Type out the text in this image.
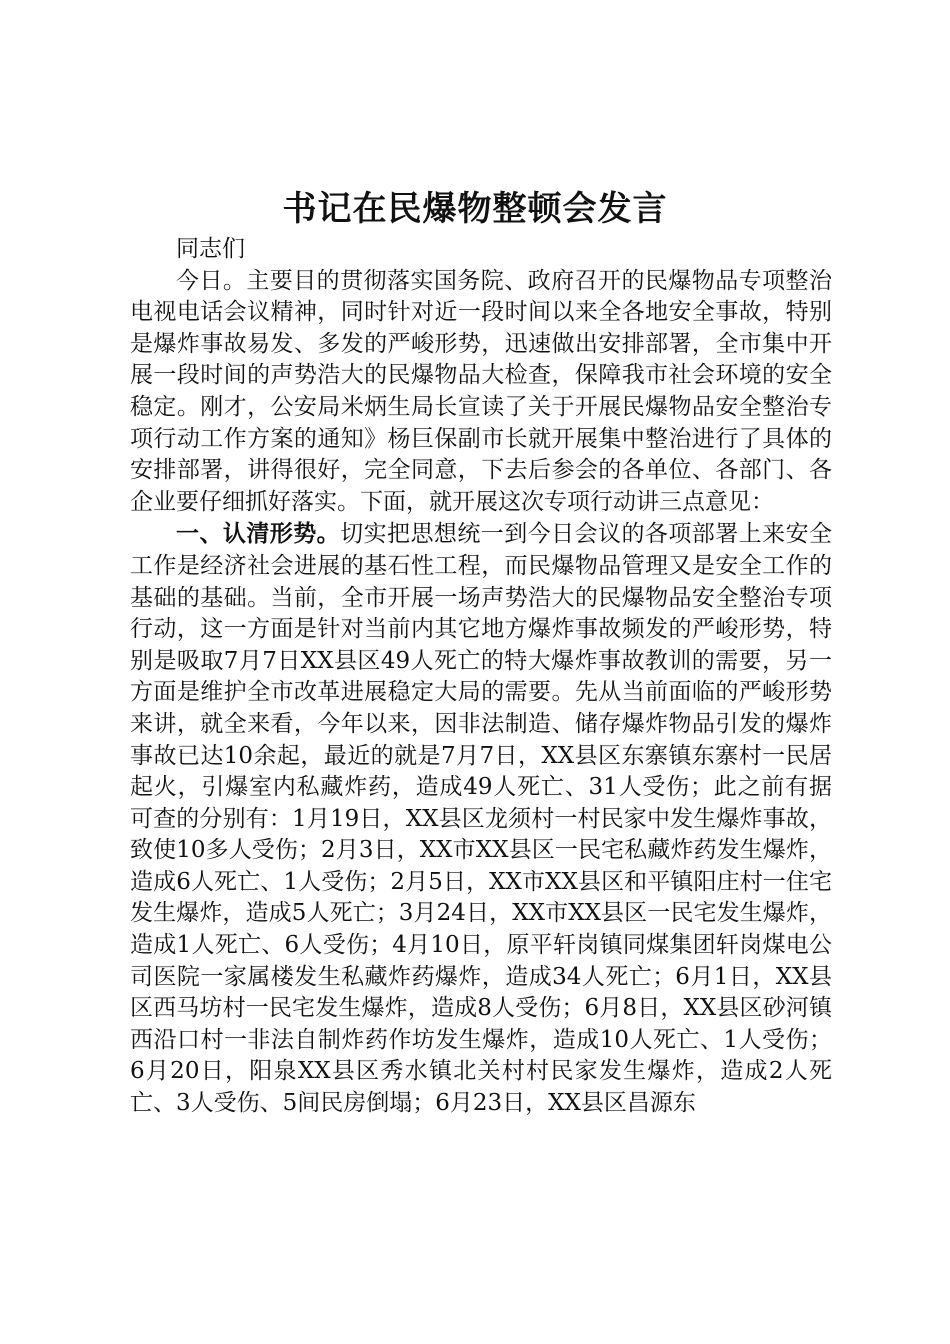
书记在民爆物整顿会发言

同志们

今日。主要目的贯彻落实国务院、政府召开的民爆物品专项整治电视电话会议精神，同时针对近一段时间以来全各地安全事故，特别是爆炸事故易发、多发的严峻形势，迅速做出安排部署，全市集中开展一段时间的声势浩大的民爆物品大检查，保障我市社会环境的安全稳定。刚才，公安局米炳生局长宣读了关于开展民爆物品安全整治专项行动工作方案的通知》杨巨保副市长就开展集中整治进行了具体的安排部署，讲得很好，完全同意，下去后参会的各单位、各部门、各企业要仔细抓好落实。下面，就开展这次专项行动讲三点意见：

一、认清形势。切实把思想统一到今日会议的各项部署上来安全工作是经济社会进展的基石性工程，而民爆物品管理又是安全工作的基础的基础。当前，全市开展一场声势浩大的民爆物品安全整治专项行动，这一方面是针对当前内其它地方爆炸事故频发的严峻形势，特别是吸取7月7日XX县区49人死亡的特大爆炸事故教训的需要，另一方面是维护全市改革进展稳定大局的需要。先从当前面临的严峻形势来讲，就全来看，今年以来，因非法制造、储存爆炸物品引发的爆炸事故已达10余起，最近的就是7月7日，XX县区东寨镇东寨村一民居起火，引爆室内私藏炸药，造成49人死亡、31人受伤；此之前有据可查的分别有：1月19日，XX县区龙须村一村民家中发生爆炸事故，致使10多人受伤；2月3日，XX市XX县区一民宅私藏炸药发生爆炸，造成6人死亡、1人受伤；2月5日，XX市XX县区和平镇阳庄村一住宅发生爆炸，造成5人死亡；3月24日，XX市XX县区一民宅发生爆炸，造成1人死亡、6人受伤；4月10日，原平轩岗镇同煤集团轩岗煤电公司医院一家属楼发生私藏炸药爆炸，造成34人死亡；6月1日，XX县区西马坊村一民宅发生爆炸，造成8人受伤；6月8日，XX县区砂河镇西沿口村一非法自制炸药作坊发生爆炸，造成10人死亡、1人受伤；6月20日，阳泉XX县区秀水镇北关村村民家发生爆炸，造成2人死亡、3人受伤、5间民房倒塌；6月23日，XX县区昌源东
